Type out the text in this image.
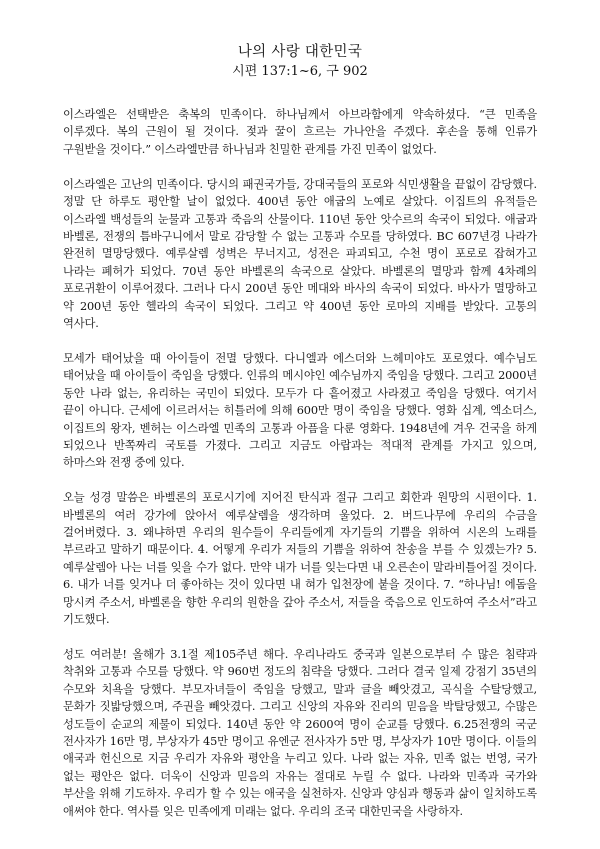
나의 사랑 대한민국
시편 137:1~6, 구 902

이스라엘은 선택받은 축복의 민족이다. 하나님께서 아브라함에게 약속하셨다. “큰 민족을 이루겠다. 복의 근원이 될 것이다. 젖과 꿀이 흐르는 가나안을 주겠다. 후손을 통해 인류가 구원받을 것이다.” 이스라엘만큼 하나님과 친밀한 관계를 가진 민족이 없었다.

이스라엘은 고난의 민족이다. 당시의 패권국가들, 강대국들의 포로와 식민생활을 끝없이 감당했다. 정말 단 하루도 평안할 날이 없었다. 400년 동안 애굽의 노예로 살았다. 이집트의 유적들은 이스라엘 백성들의 눈물과 고통과 죽음의 산물이다. 110년 동안 앗수르의 속국이 되었다. 애굽과 바벨론, 전쟁의 틈바구니에서 말로 감당할 수 없는 고통과 수모를 당하였다. BC 607년경 나라가 완전히 멸망당했다. 예루살렘 성벽은 무너지고, 성전은 파괴되고, 수천 명이 포로로 잡혀가고 나라는 폐허가 되었다. 70년 동안 바벨론의 속국으로 살았다. 바벨론의 멸망과 함께 4차례의 포로귀환이 이루어졌다. 그러나 다시 200년 동안 메대와 바사의 속국이 되었다. 바사가 멸망하고 약 200년 동안 헬라의 속국이 되었다. 그리고 약 400년 동안 로마의 지배를 받았다. 고통의 역사다.

모세가 태어났을 때 아이들이 전멸 당했다. 다니엘과 에스더와 느헤미야도 포로였다. 예수님도 태어났을 때 아이들이 죽임을 당했다. 인류의 메시야인 예수님까지 죽임을 당했다. 그리고 2000년 동안 나라 없는, 유리하는 국민이 되었다. 모두가 다 흩어졌고 사라졌고 죽임을 당했다. 여기서 끝이 아니다. 근세에 이르러서는 히틀러에 의해 600만 명이 죽임을 당했다. 영화 십계, 엑소더스, 이집트의 왕자, 벤허는 이스라엘 민족의 고통과 아픔을 다룬 영화다. 1948년에 겨우 건국을 하게 되었으나 반쪽짜리 국토를 가졌다. 그리고 지금도 아랍과는 적대적 관계를 가지고 있으며, 하마스와 전쟁 중에 있다.

오늘 성경 말씀은 바벨론의 포로시기에 지어진 탄식과 절규 그리고 회한과 원망의 시편이다. 1. 바벨론의 여러 강가에 앉아서 예루살렘을 생각하며 울었다. 2. 버드나무에 우리의 수금을 걸어버렸다. 3. 왜냐하면 우리의 원수들이 우리들에게 자기들의 기쁨을 위하여 시온의 노래를 부르라고 말하기 때문이다. 4. 어떻게 우리가 저들의 기쁨을 위하여 찬송을 부를 수 있겠는가? 5. 예루살렘아 나는 너를 잊을 수가 없다. 만약 내가 너를 잊는다면 내 오른손이 말라비틀어질 것이다. 6. 내가 너를 잊거나 더 좋아하는 것이 있다면 내 혀가 입천장에 붙을 것이다. 7. “하나님! 에돔을 망시켜 주소서, 바벨론을 향한 우리의 원한을 갚아 주소서, 저들을 죽음으로 인도하여 주소서”라고 기도했다.

성도 여러분! 올해가 3.1절 제105주년 해다. 우리나라도 중국과 일본으로부터 수 많은 침략과 착취와 고통과 수모를 당했다. 약 960번 정도의 침략을 당했다. 그러다 결국 일제 강점기 35년의 수모와 치욕을 당했다. 부모자녀들이 죽임을 당했고, 말과 글을 빼앗겼고, 곡식을 수탈당했고, 문화가 짓밟당했으며, 주권을 빼앗겼다. 그리고 신앙의 자유와 진리의 믿음을 박탈당했고, 수많은 성도들이 순교의 제물이 되었다. 140년 동안 약 2600여 명이 순교를 당했다. 6.25전쟁의 국군 전사자가 16만 명, 부상자가 45만 명이고 유엔군 전사자가 5만 명, 부상자가 10만 명이다. 이들의 애국과 헌신으로 지금 우리가 자유와 평안을 누리고 있다. 나라 없는 자유, 민족 없는 번영, 국가 없는 평안은 없다. 더욱이 신앙과 믿음의 자유는 절대로 누릴 수 없다. 나라와 민족과 국가와 부산을 위해 기도하자. 우리가 할 수 있는 애국을 실천하자. 신앙과 양심과 행동과 삶이 일치하도록 애써야 한다. 역사를 잊은 민족에게 미래는 없다. 우리의 조국 대한민국을 사랑하자.
